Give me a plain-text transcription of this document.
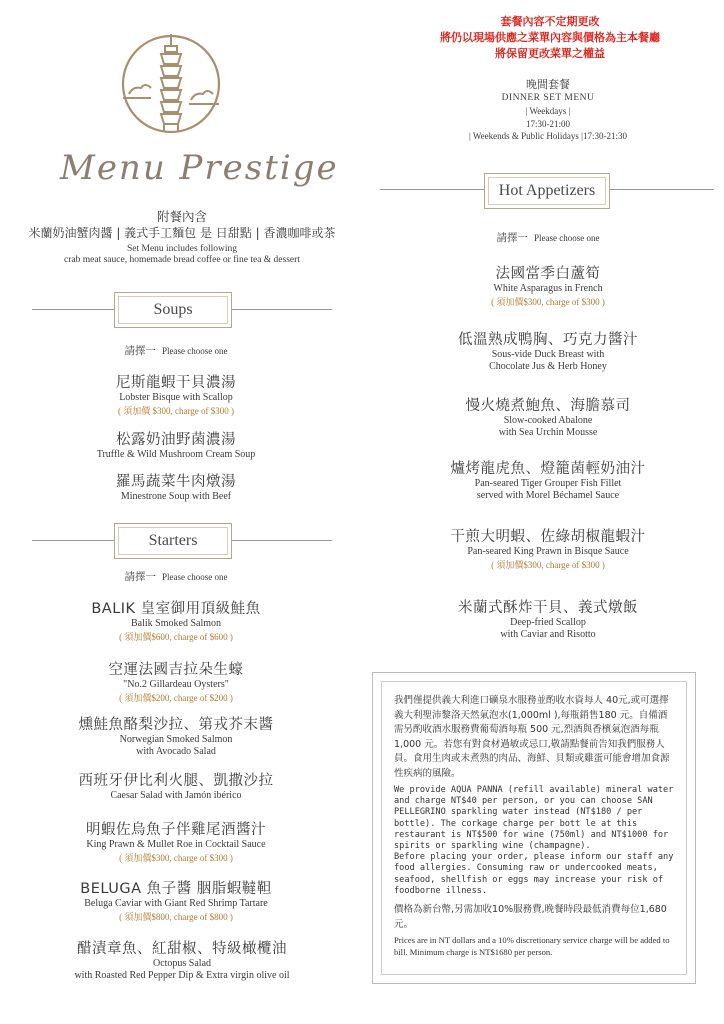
Menu Prestige
附餐內含
米蘭奶油蟹肉醬 | 義式手工麵包 是 日甜點 | 香濃咖啡或茶
Set Menu includes following
crab meat sauce, homemade bread coffee or fine tea & dessert
Soups
請擇一 Please choose one
尼斯龍蝦干貝濃湯
Lobster Bisque with Scallop
( 須加價 $300, charge of $300 )
松露奶油野菌濃湯
Truffle & Wild Mushroom Cream Soup
羅馬蔬菜牛肉燉湯
Minestrone Soup with Beef
Starters
請擇一 Please choose one
BALIK 皇室御用頂級鮭魚
Balik Smoked Salmon
( 須加價$600, charge of $600 )
空運法國吉拉朵生蠔
"No.2 Gillardeau Oysters"
( 須加價$200, charge of $200 )
燻鮭魚酪梨沙拉、第戎芥末醬
Norwegian Smoked Salmon
with Avocado Salad
西班牙伊比利火腿、凱撒沙拉
Caesar Salad with Jamón ibérico
明蝦佐烏魚子伴雞尾酒醬汁
King Prawn & Mullet Roe in Cocktail Sauce
( 須加價$300, charge of $300 )
BELUGA 魚子醬 胭脂蝦韃靼
Beluga Caviar with Giant Red Shrimp Tartare
( 須加價$800, charge of $800 )
醋漬章魚、紅甜椒、特級橄欖油
Octopus Salad
with Roasted Red Pepper Dip & Extra virgin olive oil
套餐內容不定期更改
將仍以現場供應之菜單內容與價格為主本餐廳
將保留更改菜單之權益
晚間套餐
DINNER SET MENU
| Weekdays |
17:30-21:00
| Weekends & Public Holidays |17:30-21:30
Hot Appetizers
請擇一 Please choose one
法國當季白蘆筍
White Asparagus in French
( 須加價$300, charge of $300 )
低溫熟成鴨胸、巧克力醬汁
Sous-vide Duck Breast with
Chocolate Jus & Herb Honey
慢火燒煮鮑魚、海膽慕司
Slow-cooked Abalone
with Sea Urchin Mousse
爐烤龍虎魚、燈籠菌輕奶油汁
Pan-seared Tiger Grouper Fish Fillet
served with Morel Béchamel Sauce
干煎大明蝦、佐綠胡椒龍蝦汁
Pan-seared King Prawn in Bisque Sauce
( 須加價$300, charge of $300 )
米蘭式酥炸干貝、義式燉飯
Deep-fried Scallop
with Caviar and Risotto
我們僅提供義大利進口礦泉水服務並酌收水資每人 40元,或可選擇義大利聖沛黎洛天然氣泡水(1,000ml ),每瓶銷售180 元。自備酒需另酌收酒水服務費葡萄酒每瓶 500 元,烈酒與香檳氣泡酒每瓶 1,000 元。若您有對食材過敏或忌口,敬請點餐前告知我們服務人員。食用生肉或未煮熟的肉品、海鮮、貝類或雞蛋可能會增加食源性疾病的風險。
We provide AQUA PANNA (refill available) mineral water and charge NT$40 per person, or you can choose SAN PELLEGRINO sparkling water instead (NT$180 / per bottle). The corkage charge per bott le at this restaurant is NT$500 for wine (750ml) and NT$1000 for spirits or sparkling wine (champagne).
Before placing your order, please inform our staff any food allergies. Consuming raw or undercooked meats, seafood, shellfish or eggs may increase your risk of foodborne illness.
價格為新台幣,另需加收10%服務費,晚餐時段最低消費每位1,680元。
Prices are in NT dollars and a 10% discretionary service charge will be added to bill. Minimum charge is NT$1680 per person.
